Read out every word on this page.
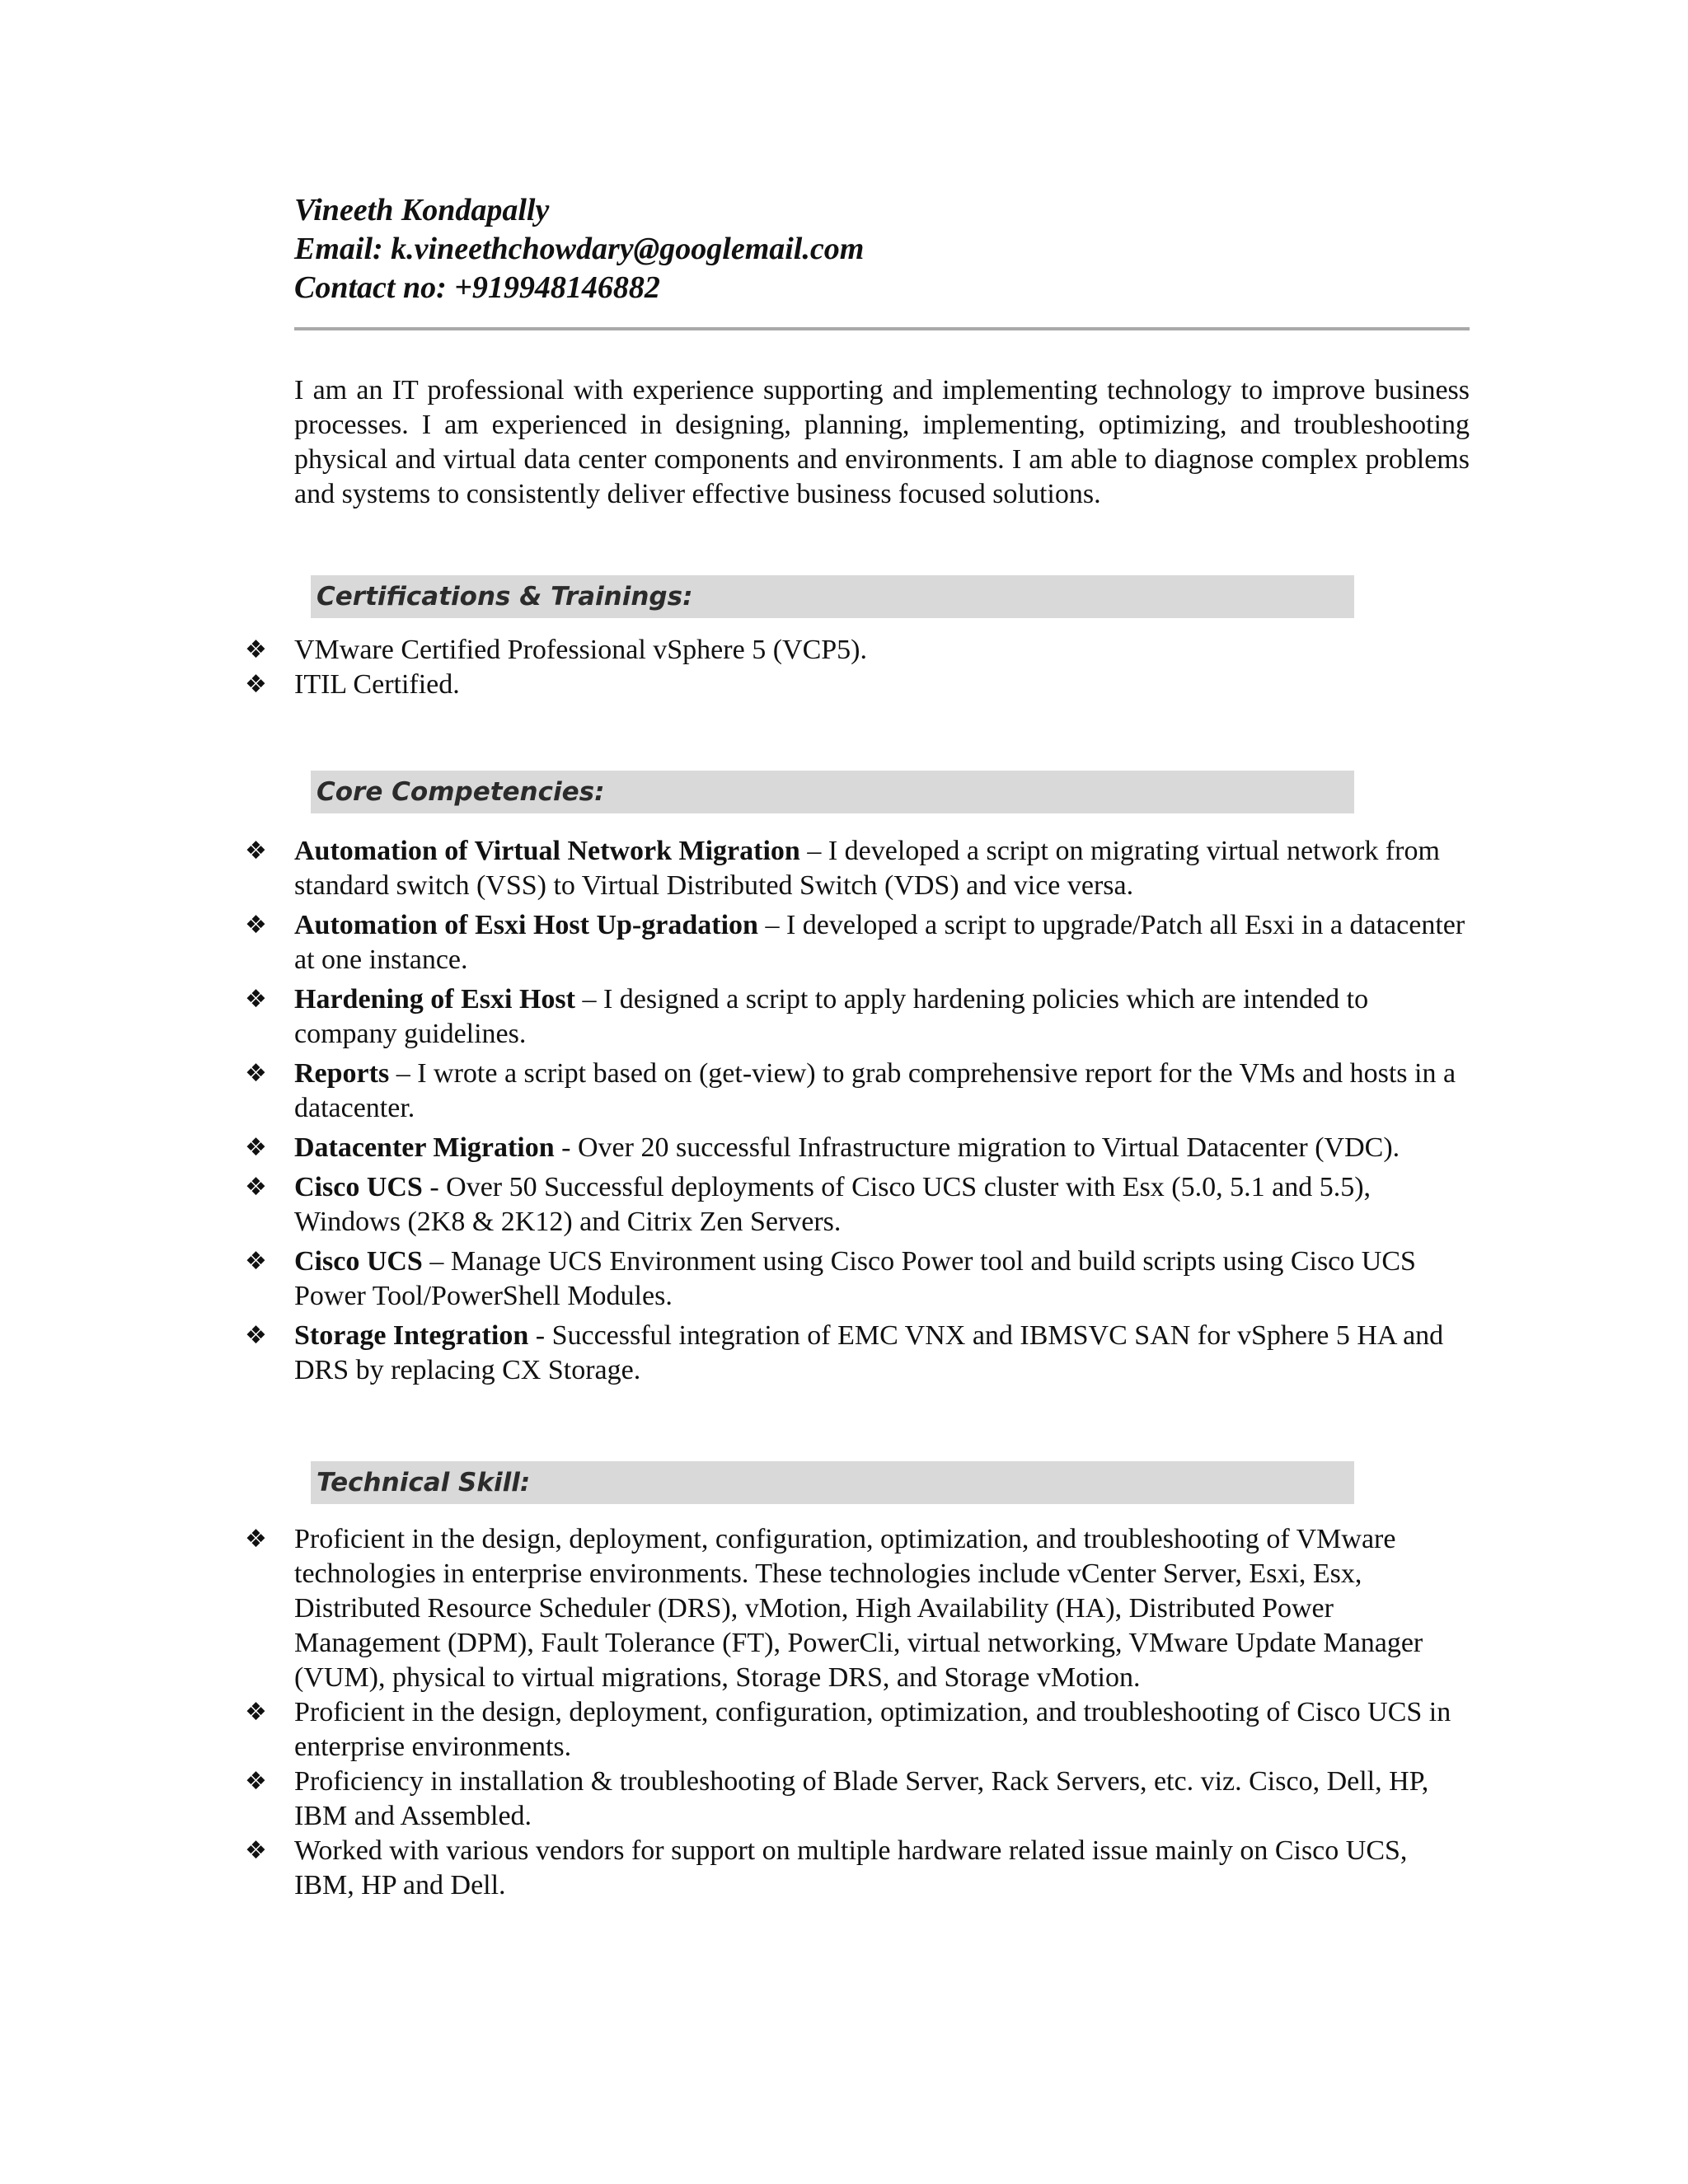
Vineeth Kondapally
Email: k.vineethchowdary@googlemail.com
Contact no: +919948146882
I am an IT professional with experience supporting and implementing technology to improve business processes. I am experienced in designing, planning, implementing, optimizing, and troubleshooting physical and virtual data center components and environments. I am able to diagnose complex problems and systems to consistently deliver effective business focused solutions.
Certifications & Trainings:
❖ VMware Certified Professional vSphere 5 (VCP5).
❖ ITIL Certified.
Core Competencies:
❖ Automation of Virtual Network Migration – I developed a script on migrating virtual network from standard switch (VSS) to Virtual Distributed Switch (VDS) and vice versa.
❖ Automation of Esxi Host Up-gradation – I developed a script to upgrade/Patch all Esxi in a datacenter at one instance.
❖ Hardening of Esxi Host – I designed a script to apply hardening policies which are intended to company guidelines.
❖ Reports – I wrote a script based on (get-view) to grab comprehensive report for the VMs and hosts in a datacenter.
❖ Datacenter Migration - Over 20 successful Infrastructure migration to Virtual Datacenter (VDC).
❖ Cisco UCS - Over 50 Successful deployments of Cisco UCS cluster with Esx (5.0, 5.1 and 5.5), Windows (2K8 & 2K12) and Citrix Zen Servers.
❖ Cisco UCS – Manage UCS Environment using Cisco Power tool and build scripts using Cisco UCS Power Tool/PowerShell Modules.
❖ Storage Integration - Successful integration of EMC VNX and IBMSVC SAN for vSphere 5 HA and DRS by replacing CX Storage.
Technical Skill:
❖ Proficient in the design, deployment, configuration, optimization, and troubleshooting of VMware technologies in enterprise environments. These technologies include vCenter Server, Esxi, Esx, Distributed Resource Scheduler (DRS), vMotion, High Availability (HA), Distributed Power Management (DPM), Fault Tolerance (FT), PowerCli, virtual networking, VMware Update Manager (VUM), physical to virtual migrations, Storage DRS, and Storage vMotion.
❖ Proficient in the design, deployment, configuration, optimization, and troubleshooting of Cisco UCS in enterprise environments.
❖ Proficiency in installation & troubleshooting of Blade Server, Rack Servers, etc. viz. Cisco, Dell, HP, IBM and Assembled.
❖ Worked with various vendors for support on multiple hardware related issue mainly on Cisco UCS, IBM, HP and Dell.
